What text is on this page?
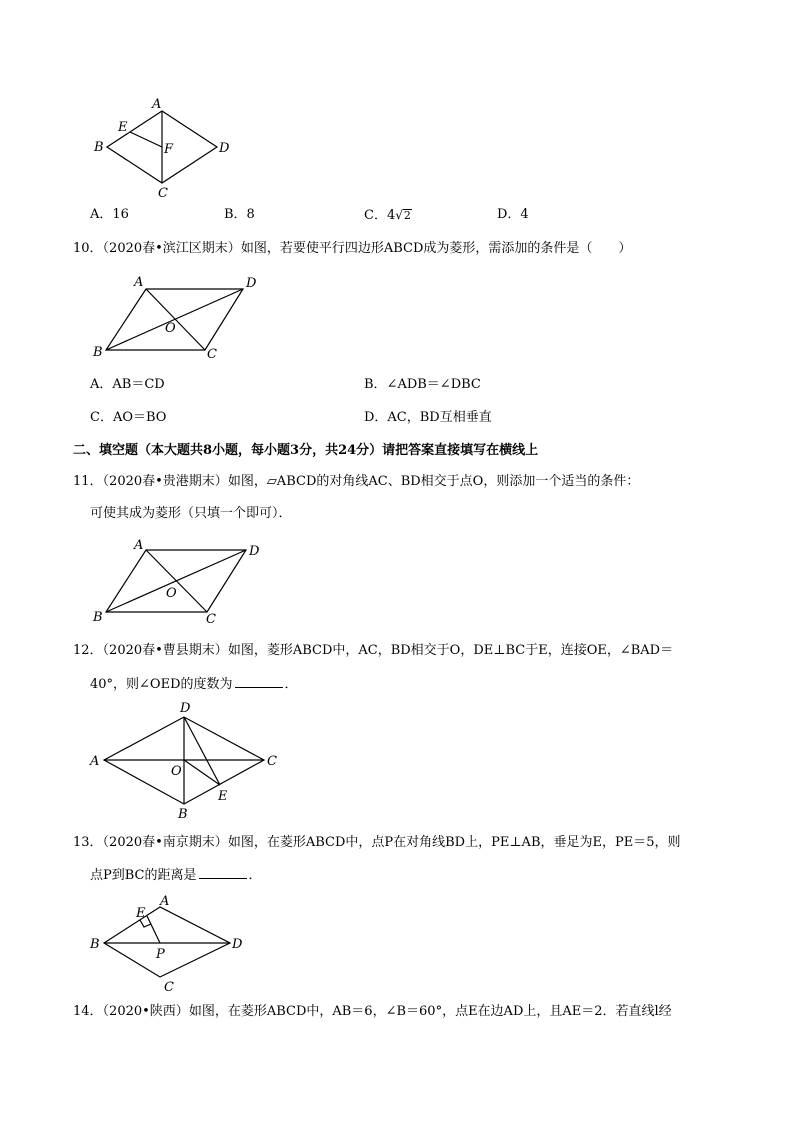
A
E
B	F	D
C
A．16	B．8	C．4√2	D．4
10．（2020春•滨江区期末）如图，若要使平行四边形ABCD成为菱形，需添加的条件是（　　）
A	D
O
B	C
A．AB＝CD	B．∠ADB＝∠DBC
C．AO＝BO	D．AC，BD互相垂直
二、填空题（本大题共8小题，每小题3分，共24分）请把答案直接填写在横线上
11．（2020春•贵港期末）如图，▱ABCD的对角线AC、BD相交于点O，则添加一个适当的条件：
可使其成为菱形（只填一个即可）．
A	D
O
B	C
12．（2020春•曹县期末）如图，菱形ABCD中，AC，BD相交于O，DE⊥BC于E，连接OE，∠BAD＝
40°，则∠OED的度数为	．
D
A	C
O
E
B
13．（2020春•南京期末）如图，在菱形ABCD中，点P在对角线BD上，PE⊥AB，垂足为E，PE＝5，则
点P到BC的距离是	．
A
E
B	D
P
C
14．（2020•陕西）如图，在菱形ABCD中，AB＝6，∠B＝60°，点E在边AD上，且AE＝2．若直线l经
